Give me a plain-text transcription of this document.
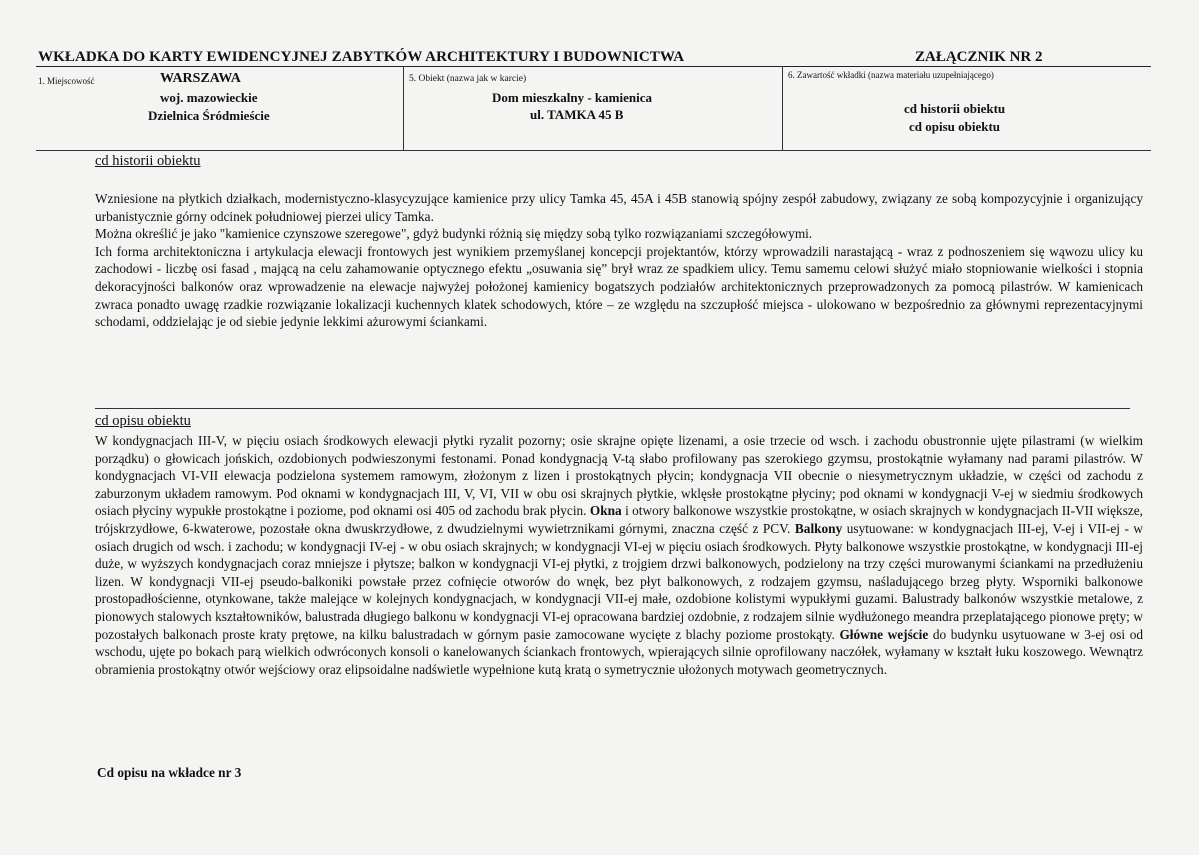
WKŁADKA DO KARTY EWIDENCYJNEJ ZABYTKÓW ARCHITEKTURY I BUDOWNICTWA	ZAŁĄCZNIK NR 2
1. Miejscowość	WARSZAWA
woj. mazowieckie
Dzielnica Śródmieście
5. Obiekt (nazwa jak w karcie)
Dom mieszkalny - kamienica
ul. TAMKA 45 B
6. Zawartość wkładki (nazwa materiału uzupełniającego)
cd historii obiektu
cd opisu obiektu
cd historii obiektu

Wzniesione na płytkich działkach, modernistyczno-klasycyzujące kamienice przy ulicy Tamka 45, 45A i 45B stanowią spójny zespół zabudowy, związany ze sobą kompozycyjnie i organizujący urbanistycznie górny odcinek południowej pierzei ulicy Tamka.

Można określić je jako "kamienice czynszowe szeregowe", gdyż budynki różnią się między sobą tylko rozwiązaniami szczegółowymi.

Ich forma architektoniczna i artykulacja elewacji frontowych jest wynikiem przemyślanej koncepcji projektantów, którzy wprowadzili narastającą - wraz z podnoszeniem się wąwozu ulicy ku zachodowi - liczbę osi fasad , mającą na celu zahamowanie optycznego efektu „osuwania się” brył wraz ze spadkiem ulicy. Temu samemu celowi służyć miało stopniowanie wielkości i stopnia dekoracyjności balkonów oraz wprowadzenie na elewacje najwyżej położonej kamienicy bogatszych podziałów architektonicznych przeprowadzonych za pomocą pilastrów. W kamienicach zwraca ponadto uwagę rzadkie rozwiązanie lokalizacji kuchennych klatek schodowych, które – ze względu na szczupłość miejsca - ulokowano w bezpośrednio za głównymi reprezentacyjnymi schodami, oddzielając je od siebie jedynie lekkimi ażurowymi ściankami.

cd opisu obiektu

W kondygnacjach III-V, w pięciu osiach środkowych elewacji płytki ryzalit pozorny; osie skrajne opięte lizenami, a osie trzecie od wsch. i zachodu obustronnie ujęte pilastrami (w wielkim porządku) o głowicach jońskich, ozdobionych podwieszonymi festonami. Ponad kondygnacją V-tą słabo profilowany pas szerokiego gzymsu, prostokątnie wyłamany nad parami pilastrów. W kondygnacjach VI-VII elewacja podzielona systemem ramowym, złożonym z lizen i prostokątnych płycin; kondygnacja VII obecnie o niesymetrycznym układzie, w części od zachodu z zaburzonym układem ramowym. Pod oknami w kondygnacjach III, V, VI, VII w obu osi skrajnych płytkie, wklęsłe prostokątne płyciny; pod oknami w kondygnacji V-ej w siedmiu środkowych osiach płyciny wypukłe prostokątne i poziome, pod oknami osi 405 od zachodu brak płycin. Okna i otwory balkonowe wszystkie prostokątne, w osiach skrajnych w kondygnacjach II-VII większe, trójskrzydłowe, 6-kwaterowe, pozostałe okna dwuskrzydłowe, z dwudzielnymi wywietrznikami górnymi, znaczna część z PCV. Balkony usytuowane: w kondygnacjach III-ej, V-ej i VII-ej - w osiach drugich od wsch. i zachodu; w kondygnacji IV-ej - w obu osiach skrajnych; w kondygnacji VI-ej w pięciu osiach środkowych. Płyty balkonowe wszystkie prostokątne, w kondygnacji III-ej duże, w wyższych kondygnacjach coraz mniejsze i płytsze; balkon w kondygnacji VI-ej płytki, z trojgiem drzwi balkonowych, podzielony na trzy części murowanymi ściankami na przedłużeniu lizen. W kondygnacji VII-ej pseudo-balkoniki powstałe przez cofnięcie otworów do wnęk, bez płyt balkonowych, z rodzajem gzymsu, naśladującego brzeg płyty. Wsporniki balkonowe prostopadłościenne, otynkowane, także malejące w kolejnych kondygnacjach, w kondygnacji VII-ej małe, ozdobione kolistymi wypukłymi guzami. Balustrady balkonów wszystkie metalowe, z pionowych stalowych kształtowników, balustrada długiego balkonu w kondygnacji VI-ej opracowana bardziej ozdobnie, z rodzajem silnie wydłużonego meandra przeplatającego pionowe pręty; w pozostałych balkonach proste kraty prętowe, na kilku balustradach w górnym pasie zamocowane wycięte z blachy poziome prostokąty. Główne wejście do budynku usytuowane w 3-ej osi od wschodu, ujęte po bokach parą wielkich odwróconych konsoli o kanelowanych ściankach frontowych, wpierających silnie oprofilowany naczółek, wyłamany w kształt łuku koszowego. Wewnątrz obramienia prostokątny otwór wejściowy oraz elipsoidalne nadświetle wypełnione kutą kratą o symetrycznie ułożonych motywach geometrycznych.

Cd opisu na wkładce nr 3
